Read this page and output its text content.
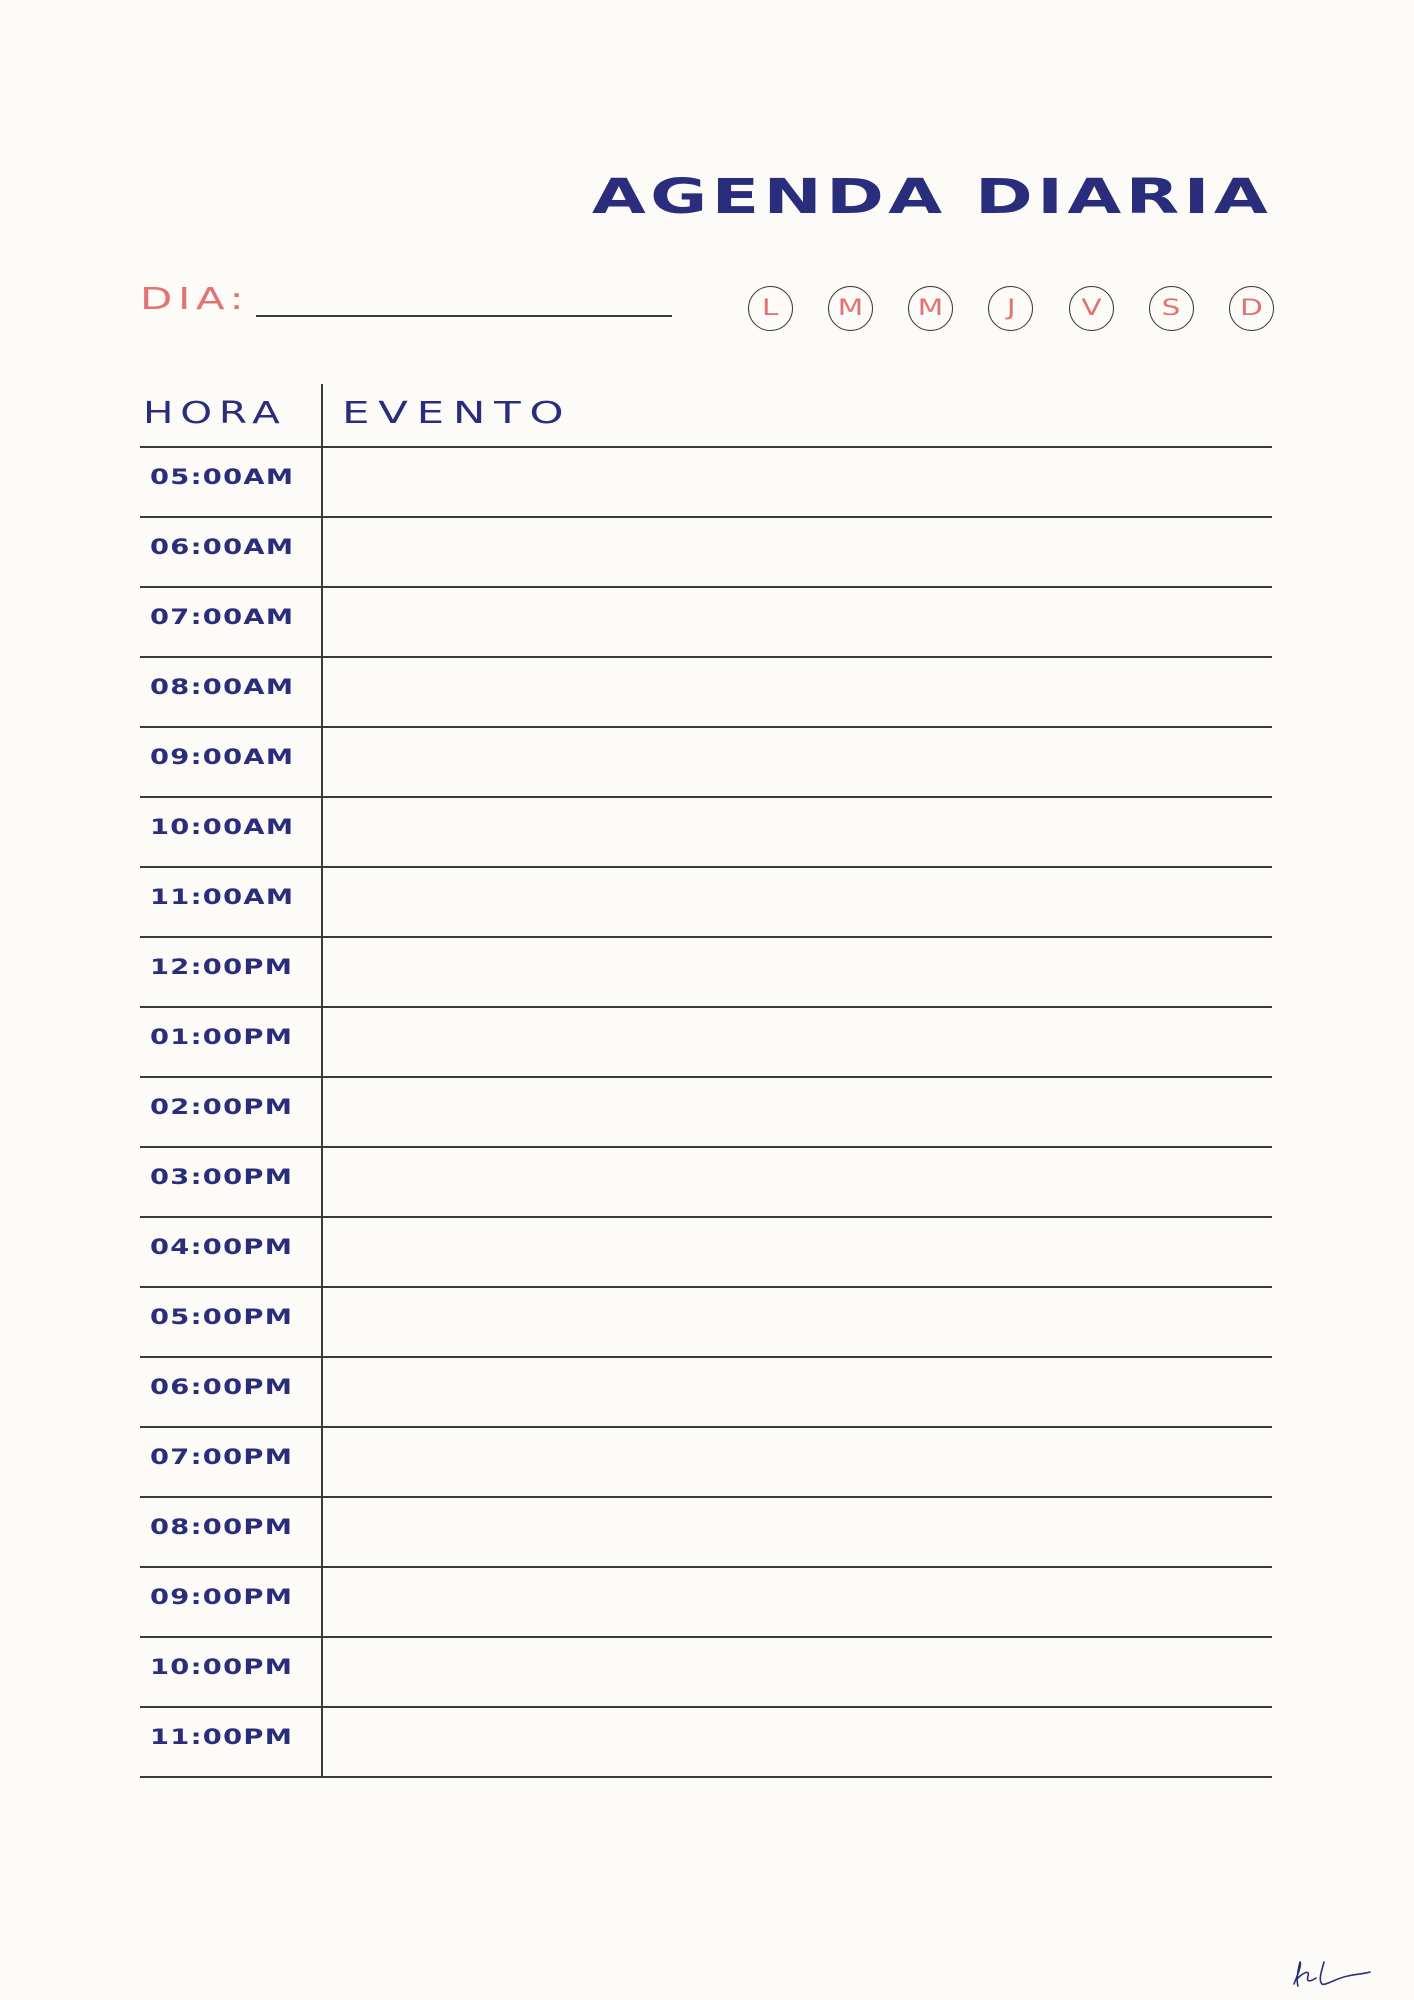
AGENDA DIARIA
DIA:	L	M M	J	V	S	D
HORA EVENTO
05:00AM
06:00AM
07:00AM
08:00AM
09:00AM
10:00AM
11:00AM
12:00PM
01:00PM
02:00PM
03:00PM
04:00PM
05:00PM
06:00PM
07:00PM
08:00PM
09:00PM
10:00PM
11:00PM
